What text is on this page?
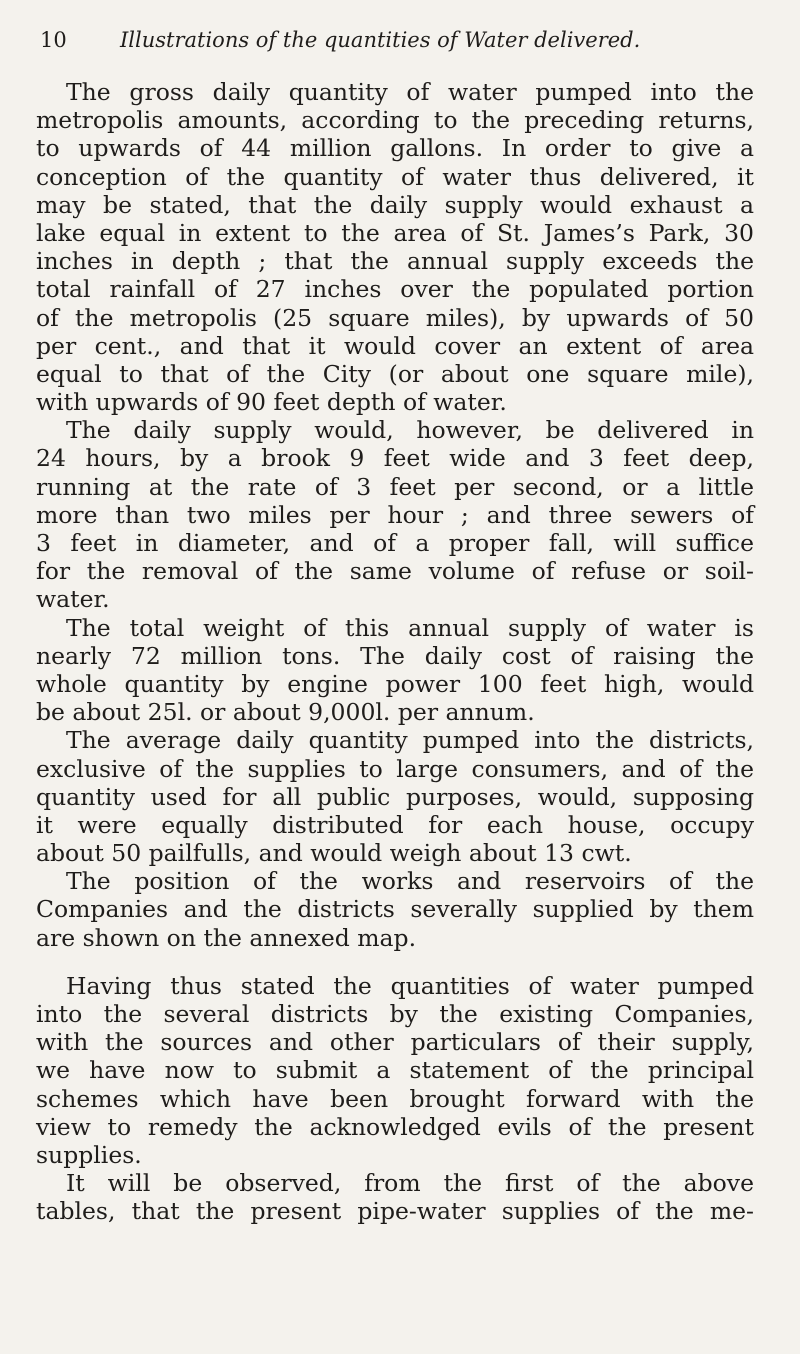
10	Illustrations of the quantities of Water delivered.

The gross daily quantity of water pumped into the
metropolis amounts, according to the preceding returns,
to upwards of 44 million gallons. In order to give a
conception of the quantity of water thus delivered, it
may be stated, that the daily supply would exhaust a
lake equal in extent to the area of St. James’s Park, 30
inches in depth ; that the annual supply exceeds the
total rainfall of 27 inches over the populated portion
of the metropolis (25 square miles), by upwards of 50
per cent., and that it would cover an extent of area
equal to that of the City (or about one square mile),
with upwards of 90 feet depth of water.

The daily supply would, however, be delivered in
24 hours, by a brook 9 feet wide and 3 feet deep,
running at the rate of 3 feet per second, or a little
more than two miles per hour ; and three sewers of
3 feet in diameter, and of a proper fall, will suffice
for the removal of the same volume of refuse or soil-
water.

The total weight of this annual supply of water is
nearly 72 million tons. The daily cost of raising the
whole quantity by engine power 100 feet high, would
be about 25l. or about 9,000l. per annum.

The average daily quantity pumped into the districts,
exclusive of the supplies to large consumers, and of the
quantity used for all public purposes, would, supposing
it were equally distributed for each house, occupy
about 50 pailfulls, and would weigh about 13 cwt.

The position of the works and reservoirs of the
Companies and the districts severally supplied by them
are shown on the annexed map.

Having thus stated the quantities of water pumped
into the several districts by the existing Companies,
with the sources and other particulars of their supply,
we have now to submit a statement of the principal
schemes which have been brought forward with the
view to remedy the acknowledged evils of the present
supplies.

It will be observed, from the first of the above
tables, that the present pipe-water supplies of the me-
